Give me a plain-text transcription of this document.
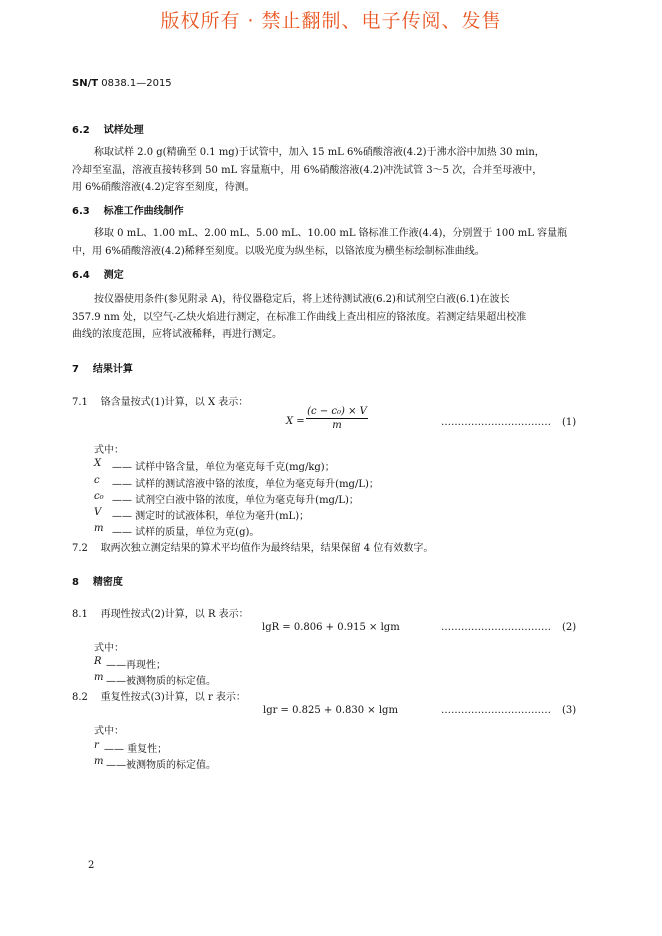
版权所有 · 禁止翻制、电子传阅、发售
SN/T 0838.1—2015
6.2 试样处理
称取试样 2.0 g(精确至 0.1 mg)于试管中，加入 15 mL 6%硝酸溶液(4.2)于沸水浴中加热 30 min，
冷却至室温，溶液直接转移到 50 mL 容量瓶中，用 6%硝酸溶液(4.2)冲洗试管 3～5 次，合并至母液中，
用 6%硝酸溶液(4.2)定容至刻度，待测。
6.3 标准工作曲线制作
移取 0 mL、1.00 mL、2.00 mL、5.00 mL、10.00 mL 铬标准工作液(4.4)，分别置于 100 mL 容量瓶
中，用 6%硝酸溶液(4.2)稀释至刻度。以吸光度为纵坐标，以铬浓度为横坐标绘制标准曲线。
6.4 测定
按仪器使用条件(参见附录 A)，待仪器稳定后，将上述待测试液(6.2)和试剂空白液(6.1)在波长
357.9 nm 处，以空气-乙炔火焰进行测定，在标准工作曲线上查出相应的铬浓度。若测定结果超出校准
曲线的浓度范围，应将试液稀释，再进行测定。
7 结果计算
7.1 铬含量按式(1)计算，以 X 表示：
X =
(c − c₀) × V
m	…………………………… (1)
式中：
X —— 试样中铬含量，单位为毫克每千克(mg/kg)；
c —— 试样的测试溶液中铬的浓度，单位为毫克每升(mg/L)；
c₀ —— 试剂空白液中铬的浓度，单位为毫克每升(mg/L)；
V —— 测定时的试液体积，单位为毫升(mL)；
m —— 试样的质量，单位为克(g)。
7.2 取两次独立测定结果的算术平均值作为最终结果，结果保留 4 位有效数字。
8 精密度
8.1 再现性按式(2)计算，以 R 表示：
lgR = 0.806 + 0.915 × lgm	…………………………… (2)
式中：
R ——再现性；
m ——被测物质的标定值。
8.2 重复性按式(3)计算，以 r 表示：
lgr = 0.825 + 0.830 × lgm	…………………………… (3)
式中：
r —— 重复性；
m ——被测物质的标定值。
2
